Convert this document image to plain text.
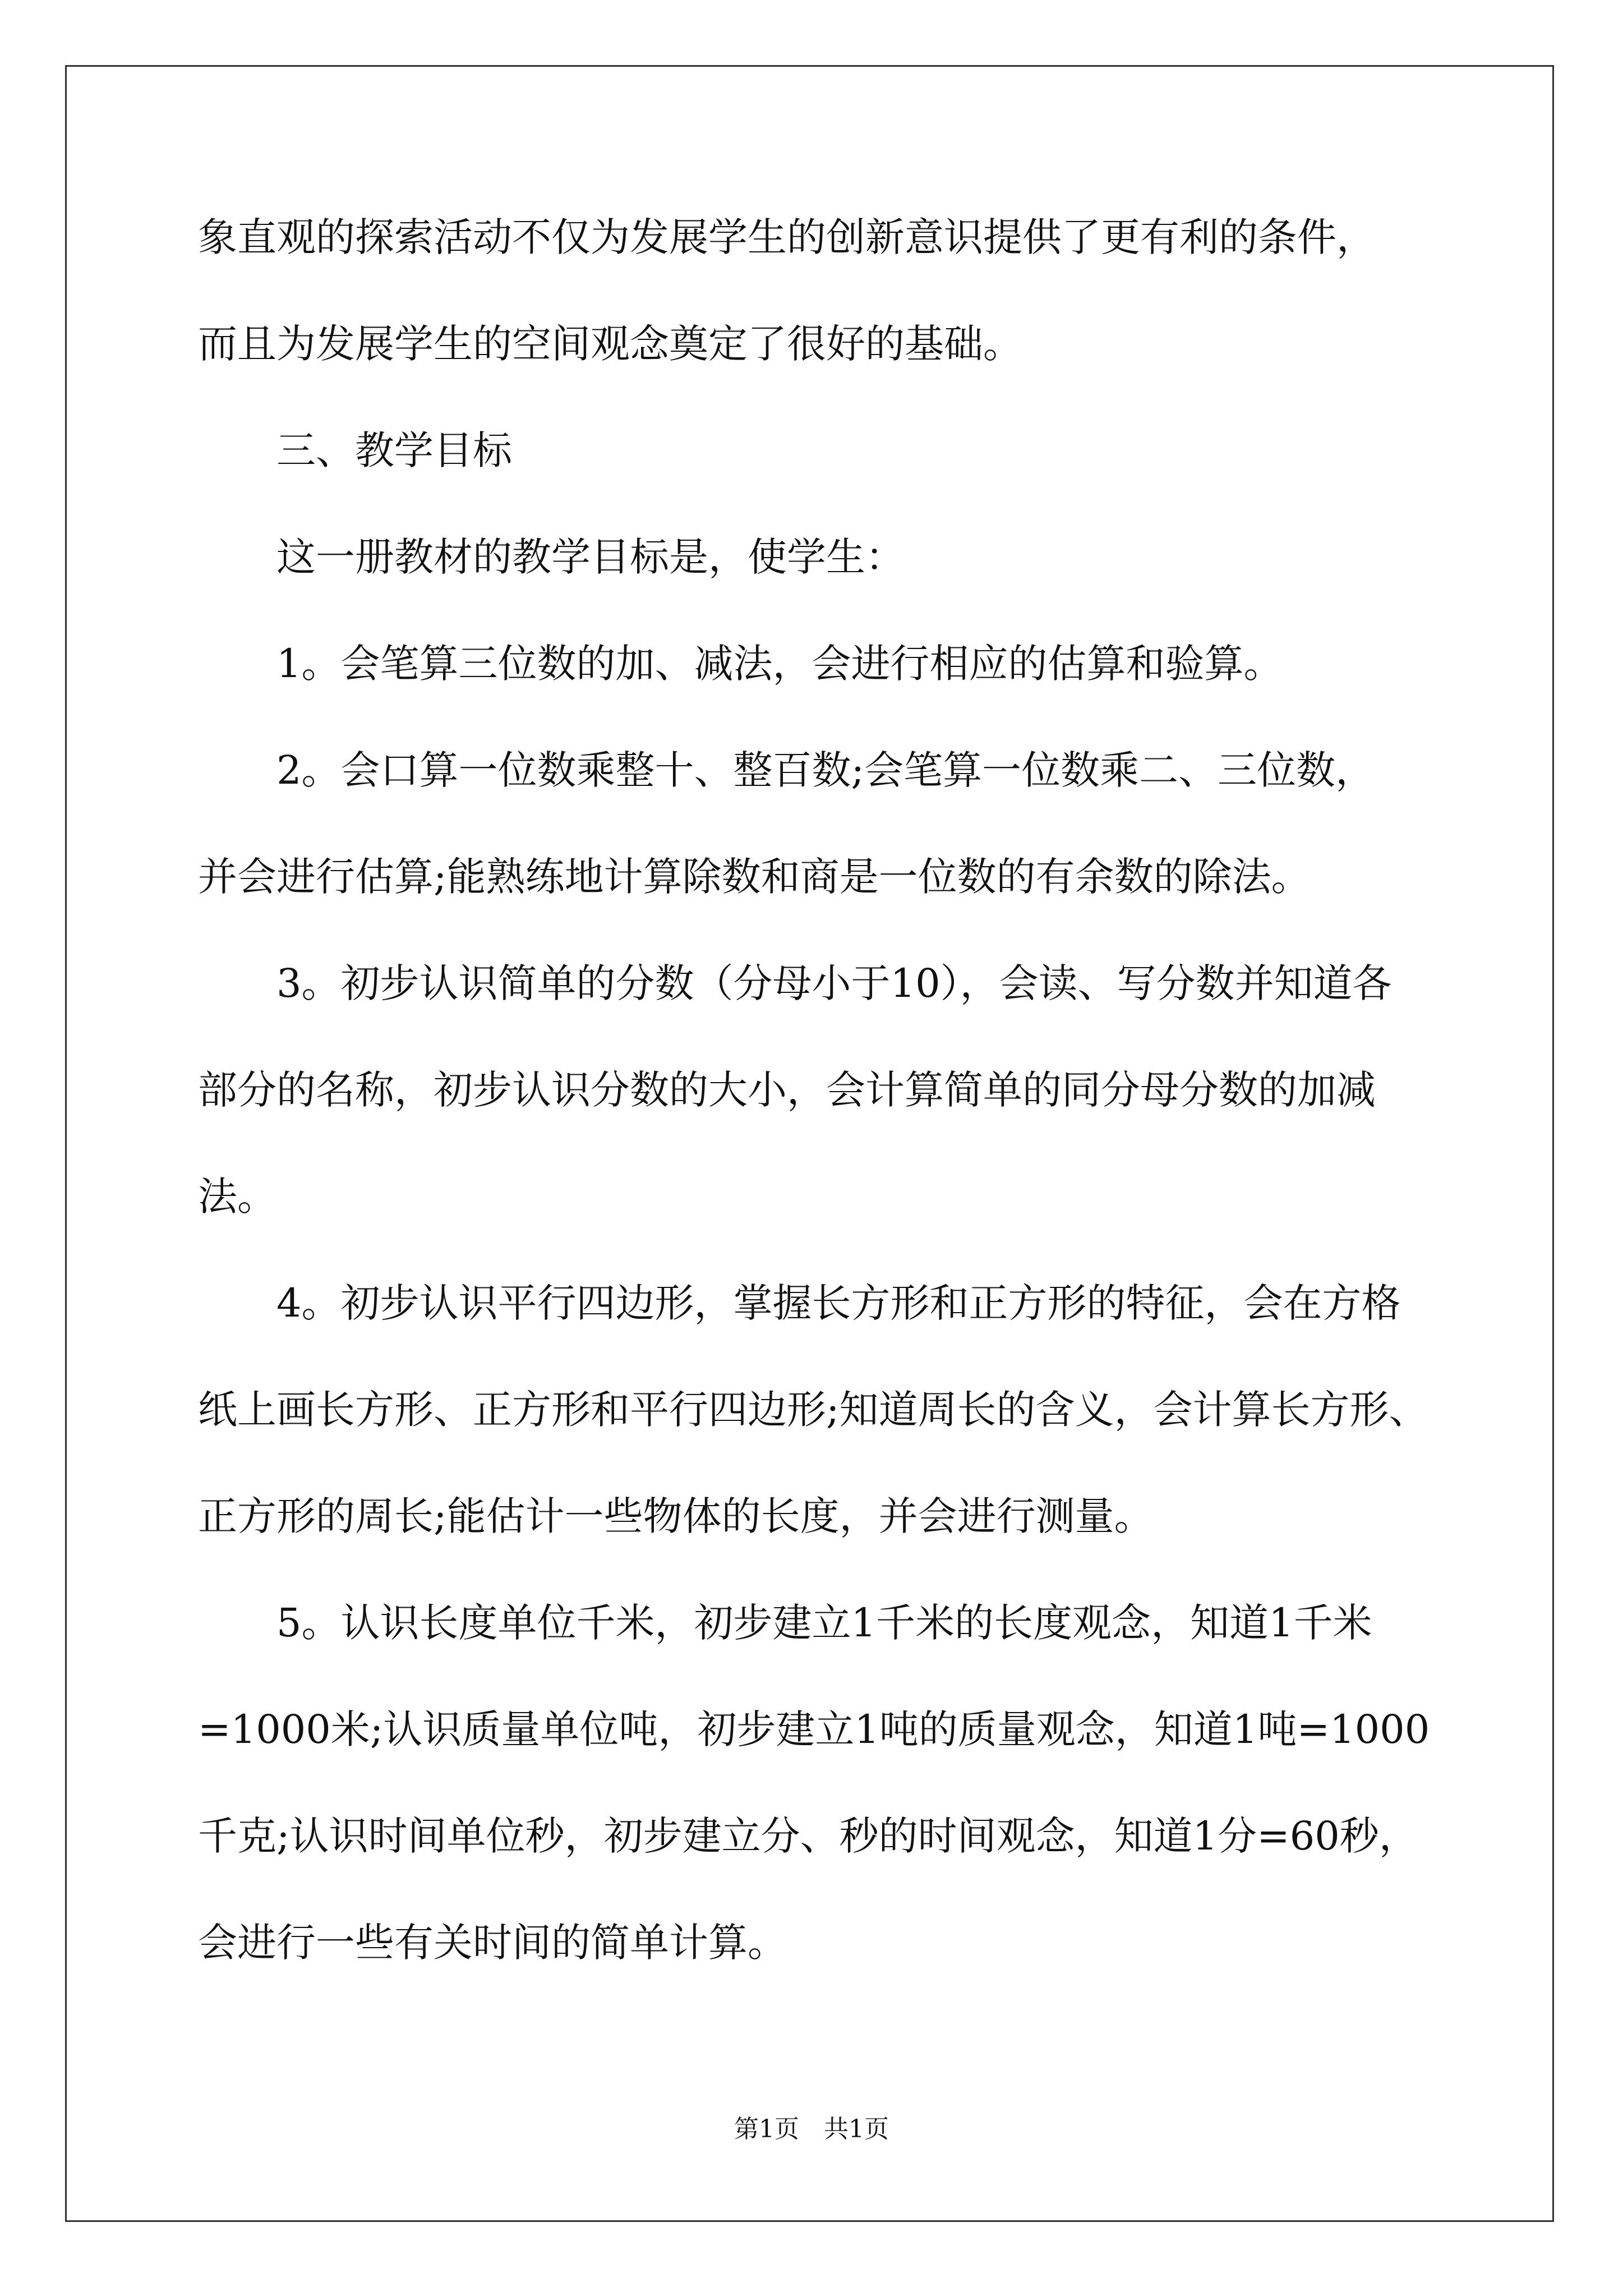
象直观的探索活动不仅为发展学生的创新意识提供了更有利的条件，
而且为发展学生的空间观念奠定了很好的基础。
三、教学目标
这一册教材的教学目标是，使学生：
1。会笔算三位数的加、减法，会进行相应的估算和验算。
2。会口算一位数乘整十、整百数;会笔算一位数乘二、三位数，
并会进行估算;能熟练地计算除数和商是一位数的有余数的除法。
3。初步认识简单的分数（分母小于10），会读、写分数并知道各
部分的名称，初步认识分数的大小，会计算简单的同分母分数的加减
法。
4。初步认识平行四边形，掌握长方形和正方形的特征，会在方格
纸上画长方形、正方形和平行四边形;知道周长的含义，会计算长方形、
正方形的周长;能估计一些物体的长度，并会进行测量。
5。认识长度单位千米，初步建立1千米的长度观念，知道1千米
=1000米;认识质量单位吨，初步建立1吨的质量观念，知道1吨=1000
千克;认识时间单位秒，初步建立分、秒的时间观念，知道1分=60秒，
会进行一些有关时间的简单计算。
第1页　共1页
